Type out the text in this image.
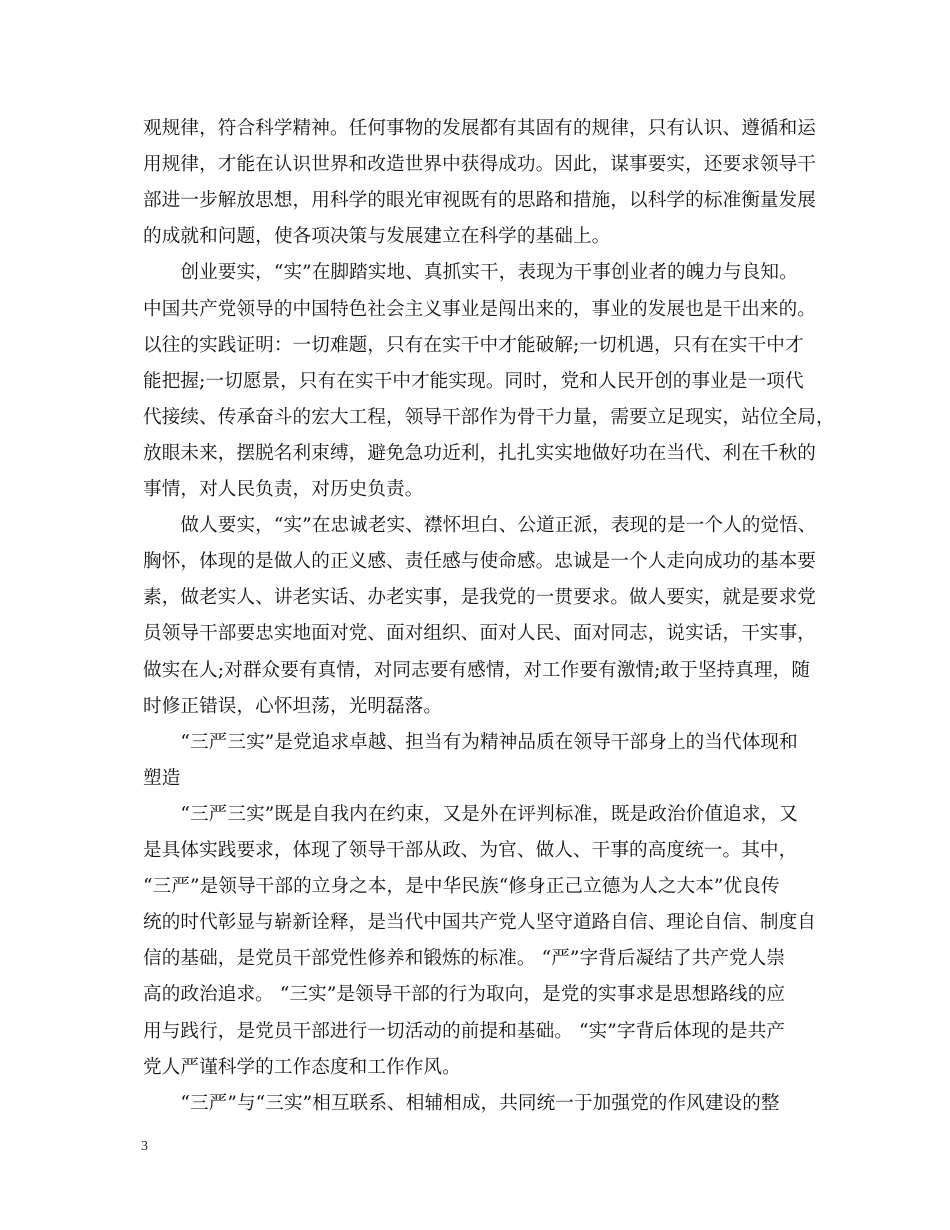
观规律，符合科学精神。任何事物的发展都有其固有的规律，只有认识、遵循和运
用规律，才能在认识世界和改造世界中获得成功。因此，谋事要实，还要求领导干
部进一步解放思想，用科学的眼光审视既有的思路和措施，以科学的标准衡量发展
的成就和问题，使各项决策与发展建立在科学的基础上。
　　创业要实，“实”在脚踏实地、真抓实干，表现为干事创业者的魄力与良知。
中国共产党领导的中国特色社会主义事业是闯出来的，事业的发展也是干出来的。
以往的实践证明：一切难题，只有在实干中才能破解;一切机遇，只有在实干中才
能把握;一切愿景，只有在实干中才能实现。同时，党和人民开创的事业是一项代
代接续、传承奋斗的宏大工程，领导干部作为骨干力量，需要立足现实，站位全局，
放眼未来，摆脱名利束缚，避免急功近利，扎扎实实地做好功在当代、利在千秋的
事情，对人民负责，对历史负责。
　　做人要实，“实”在忠诚老实、襟怀坦白、公道正派，表现的是一个人的觉悟、
胸怀，体现的是做人的正义感、责任感与使命感。忠诚是一个人走向成功的基本要
素，做老实人、讲老实话、办老实事，是我党的一贯要求。做人要实，就是要求党
员领导干部要忠实地面对党、面对组织、面对人民、面对同志，说实话，干实事，
做实在人;对群众要有真情，对同志要有感情，对工作要有激情;敢于坚持真理，随
时修正错误，心怀坦荡，光明磊落。
　　“三严三实”是党追求卓越、担当有为精神品质在领导干部身上的当代体现和
塑造
　　“三严三实”既是自我内在约束，又是外在评判标准，既是政治价值追求，又
是具体实践要求，体现了领导干部从政、为官、做人、干事的高度统一。其中，
“三严”是领导干部的立身之本，是中华民族“修身正己立德为人之大本”优良传
统的时代彰显与崭新诠释，是当代中国共产党人坚守道路自信、理论自信、制度自
信的基础，是党员干部党性修养和锻炼的标准。 “严”字背后凝结了共产党人崇
高的政治追求。 “三实”是领导干部的行为取向，是党的实事求是思想路线的应
用与践行，是党员干部进行一切活动的前提和基础。 “实”字背后体现的是共产
党人严谨科学的工作态度和工作作风。
　　“三严”与“三实”相互联系、相辅相成，共同统一于加强党的作风建设的整
3
